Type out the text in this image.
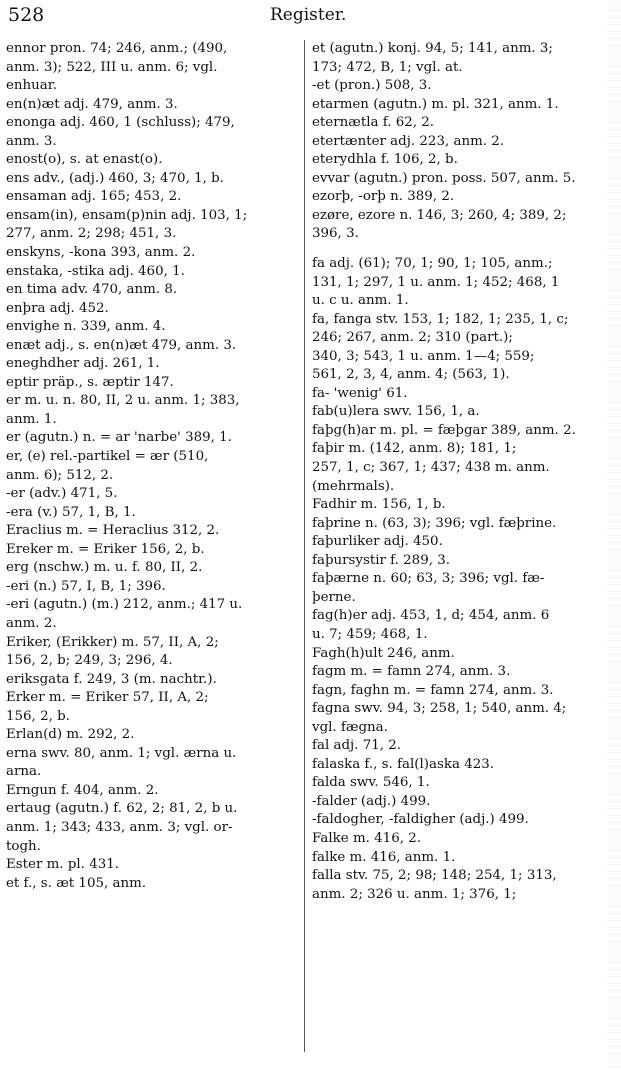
528	Register.
ennor pron. 74; 246, anm.; (490,
anm. 3); 522, III u. anm. 6; vgl.
enhuar.
en(n)æt adj. 479, anm. 3.
enonga adj. 460, 1 (schluss); 479,
anm. 3.
enost(o), s. at enast(o).
ens adv., (adj.) 460, 3; 470, 1, b.
ensaman adj. 165; 453, 2.
ensam(in), ensam(p)nin adj. 103, 1;
277, anm. 2; 298; 451, 3.
enskyns, -kona 393, anm. 2.
enstaka, -stika adj. 460, 1.
en tima adv. 470, anm. 8.
enþra adj. 452.
envighe n. 339, anm. 4.
enæt adj., s. en(n)æt 479, anm. 3.
eneghdher adj. 261, 1.
eptir präp., s. æptir 147.
er m. u. n. 80, II, 2 u. anm. 1; 383,
anm. 1.
er (agutn.) n. = ar 'narbe' 389, 1.
er, (e) rel.-partikel = ær (510,
anm. 6); 512, 2.
-er (adv.) 471, 5.
-era (v.) 57, 1, B, 1.
Eraclius m. = Heraclius 312, 2.
Ereker m. = Eriker 156, 2, b.
erg (nschw.) m. u. f. 80, II, 2.
-eri (n.) 57, I, B, 1; 396.
-eri (agutn.) (m.) 212, anm.; 417 u.
anm. 2.
Eriker, (Erikker) m. 57, II, A, 2;
156, 2, b; 249, 3; 296, 4.
eriksgata f. 249, 3 (m. nachtr.).
Erker m. = Eriker 57, II, A, 2;
156, 2, b.
Erlan(d) m. 292, 2.
erna swv. 80, anm. 1; vgl. ærna u.
arna.
Erngun f. 404, anm. 2.
ertaug (agutn.) f. 62, 2; 81, 2, b u.
anm. 1; 343; 433, anm. 3; vgl. or-
togh.
Ester m. pl. 431.
et f., s. æt 105, anm.
et (agutn.) konj. 94, 5; 141, anm. 3;
173; 472, B, 1; vgl. at.
-et (pron.) 508, 3.
etarmen (agutn.) m. pl. 321, anm. 1.
eternætla f. 62, 2.
etertænter adj. 223, anm. 2.
eterydhla f. 106, 2, b.
evvar (agutn.) pron. poss. 507, anm. 5.
ezorþ, -orþ n. 389, 2.
ezøre, ezore n. 146, 3; 260, 4; 389, 2;
396, 3.
fa adj. (61); 70, 1; 90, 1; 105, anm.;
131, 1; 297, 1 u. anm. 1; 452; 468, 1
u. c u. anm. 1.
fa, fanga stv. 153, 1; 182, 1; 235, 1, c;
246; 267, anm. 2; 310 (part.);
340, 3; 543, 1 u. anm. 1—4; 559;
561, 2, 3, 4, anm. 4; (563, 1).
fa- 'wenig' 61.
fab(u)lera swv. 156, 1, a.
faþg(h)ar m. pl. = fæþgar 389, anm. 2.
faþir m. (142, anm. 8); 181, 1;
257, 1, c; 367, 1; 437; 438 m. anm.
(mehrmals).
Fadhir m. 156, 1, b.
faþrine n. (63, 3); 396; vgl. fæþrine.
faþurliker adj. 450.
faþursystir f. 289, 3.
faþærne n. 60; 63, 3; 396; vgl. fæ-
þerne.
fag(h)er adj. 453, 1, d; 454, anm. 6
u. 7; 459; 468, 1.
Fagh(h)ult 246, anm.
fagm m. = famn 274, anm. 3.
fagn, faghn m. = famn 274, anm. 3.
fagna swv. 94, 3; 258, 1; 540, anm. 4;
vgl. fægna.
fal adj. 71, 2.
falaska f., s. fal(l)aska 423.
falda swv. 546, 1.
-falder (adj.) 499.
-faldogher, -faldigher (adj.) 499.
Falke m. 416, 2.
falke m. 416, anm. 1.
falla stv. 75, 2; 98; 148; 254, 1; 313,
anm. 2; 326 u. anm. 1; 376, 1;
